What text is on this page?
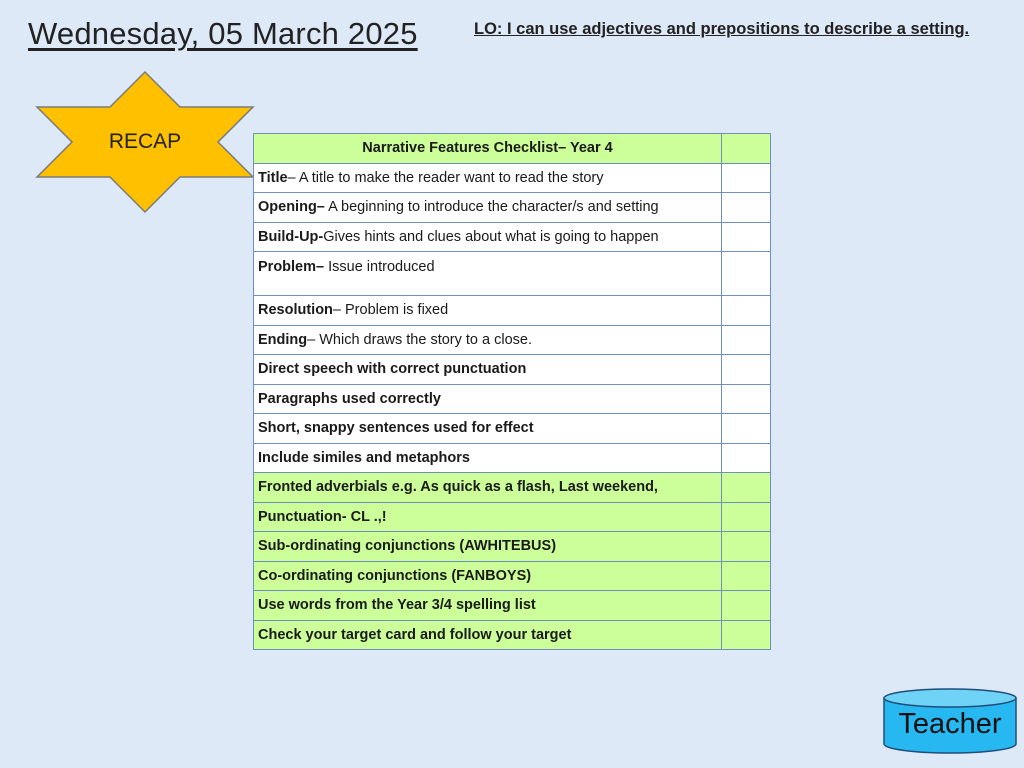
Wednesday, 05 March 2025	LO: I can use adjectives and prepositions to describe a setting.
RECAP	Narrative Features Checklist– Year 4	
Title– A title to make the reader want to read the story	
Opening– A beginning to introduce the character/s and setting	
Build-Up-Gives hints and clues about what is going to happen	
Problem– Issue introduced	
Resolution– Problem is fixed	
Ending– Which draws the story to a close.	
Direct speech with correct punctuation	
Paragraphs used correctly	
Short, snappy sentences used for effect	
Include similes and metaphors	
Fronted adverbials e.g. As quick as a flash, Last weekend,	
Punctuation- CL .,!	
Sub-ordinating conjunctions (AWHITEBUS)	
Co-ordinating conjunctions (FANBOYS)	
Use words from the Year 3/4 spelling list	
Check your target card and follow your target	
Teacher
